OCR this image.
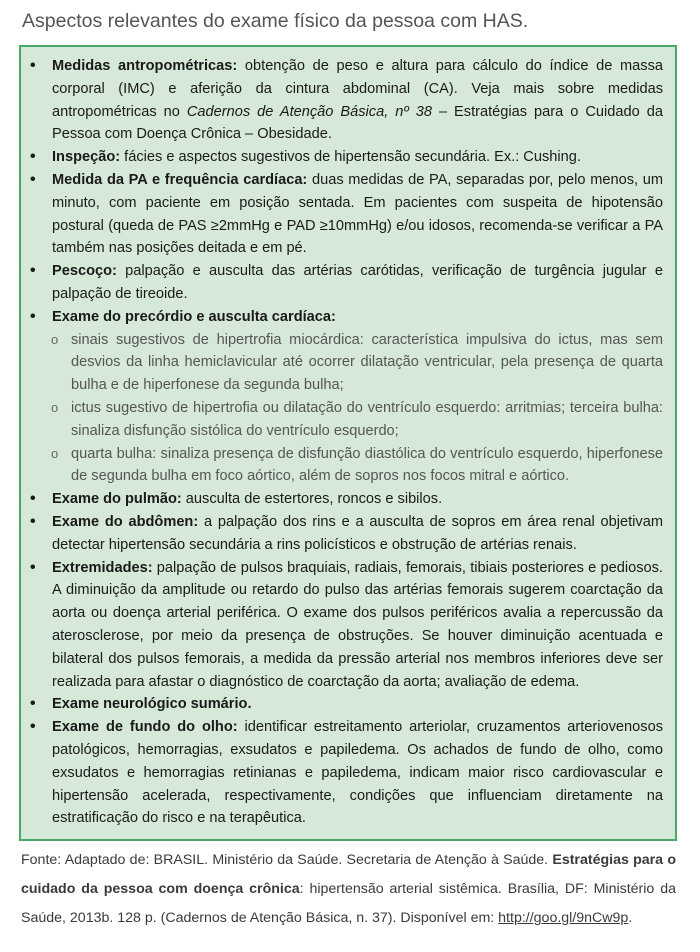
Aspectos relevantes do exame físico da pessoa com HAS.
• Medidas antropométricas: obtenção de peso e altura para cálculo do índice de massa corporal (IMC) e aferição da cintura abdominal (CA). Veja mais sobre medidas antropométricas no Cadernos de Atenção Básica, nº 38 – Estratégias para o Cuidado da Pessoa com Doença Crônica – Obesidade.
• Inspeção: fácies e aspectos sugestivos de hipertensão secundária. Ex.: Cushing.
• Medida da PA e frequência cardíaca: duas medidas de PA, separadas por, pelo menos, um minuto, com paciente em posição sentada. Em pacientes com suspeita de hipotensão postural (queda de PAS ≥2mmHg e PAD ≥10mmHg) e/ou idosos, recomenda-se verificar a PA também nas posições deitada e em pé.
• Pescoço: palpação e ausculta das artérias carótidas, verificação de turgência jugular e palpação de tireoide.
• Exame do precórdio e ausculta cardíaca:
o sinais sugestivos de hipertrofia miocárdica: característica impulsiva do ictus, mas sem desvios da linha hemiclavicular até ocorrer dilatação ventricular, pela presença de quarta bulha e de hiperfonese da segunda bulha;
o ictus sugestivo de hipertrofia ou dilatação do ventrículo esquerdo: arritmias; terceira bulha: sinaliza disfunção sistólica do ventrículo esquerdo;
o quarta bulha: sinaliza presença de disfunção diastólica do ventrículo esquerdo, hiperfonese de segunda bulha em foco aórtico, além de sopros nos focos mitral e aórtico.
• Exame do pulmão: ausculta de estertores, roncos e sibilos.
• Exame do abdômen: a palpação dos rins e a ausculta de sopros em área renal objetivam detectar hipertensão secundária a rins policísticos e obstrução de artérias renais.
• Extremidades: palpação de pulsos braquiais, radiais, femorais, tibiais posteriores e pediosos. A diminuição da amplitude ou retardo do pulso das artérias femorais sugerem coarctação da aorta ou doença arterial periférica. O exame dos pulsos periféricos avalia a repercussão da aterosclerose, por meio da presença de obstruções. Se houver diminuição acentuada e bilateral dos pulsos femorais, a medida da pressão arterial nos membros inferiores deve ser realizada para afastar o diagnóstico de coarctação da aorta; avaliação de edema.
• Exame neurológico sumário.
• Exame de fundo do olho: identificar estreitamento arteriolar, cruzamentos arteriovenosos patológicos, hemorragias, exsudatos e papiledema. Os achados de fundo de olho, como exsudatos e hemorragias retinianas e papiledema, indicam maior risco cardiovascular e hipertensão acelerada, respectivamente, condições que influenciam diretamente na estratificação do risco e na terapêutica.
Fonte: Adaptado de: BRASIL. Ministério da Saúde. Secretaria de Atenção à Saúde. Estratégias para o cuidado da pessoa com doença crônica: hipertensão arterial sistêmica. Brasília, DF: Ministério da Saúde, 2013b. 128 p. (Cadernos de Atenção Básica, n. 37). Disponível em: http://goo.gl/9nCw9p.
